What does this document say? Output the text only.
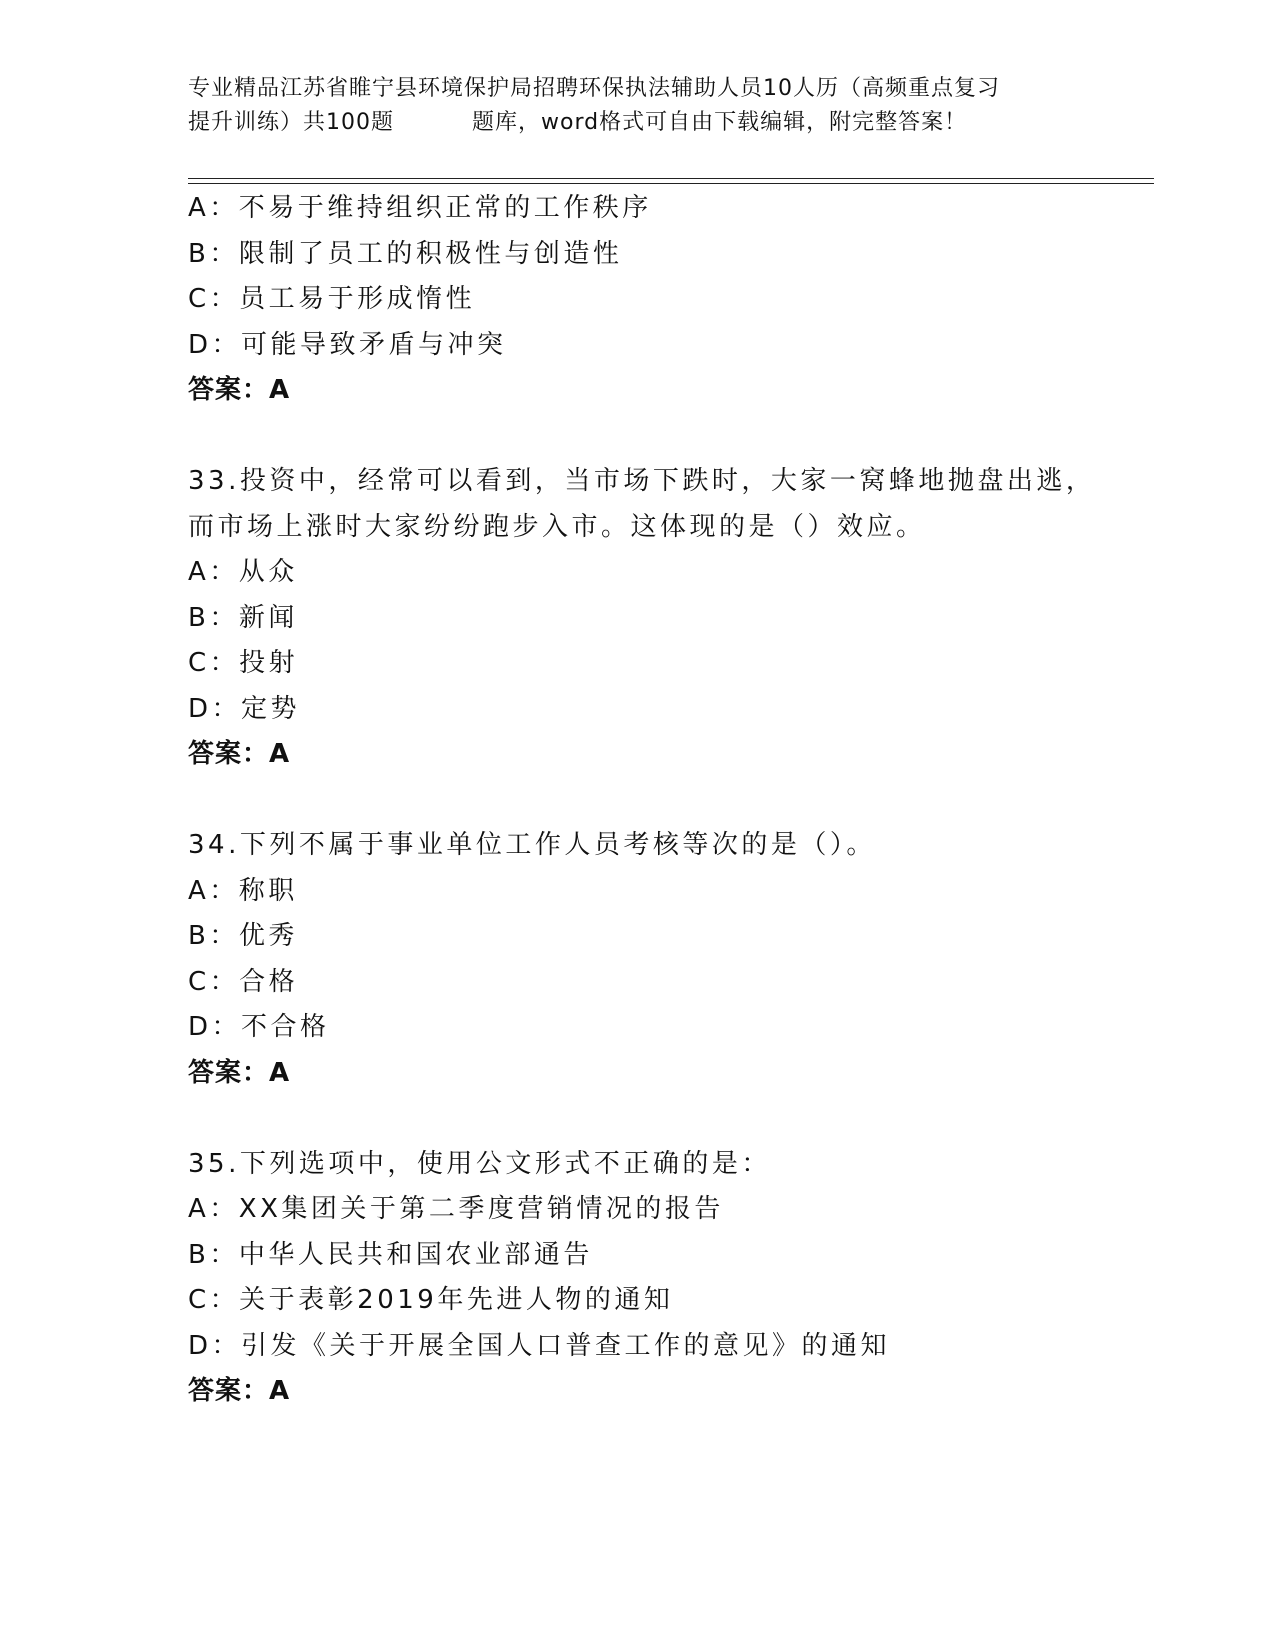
专业精品江苏省睢宁县环境保护局招聘环保执法辅助人员10人历（高频重点复习
提升训练）共100题	题库，word格式可自由下载编辑，附完整答案！
A：不易于维持组织正常的工作秩序
B：限制了员工的积极性与创造性
C：员工易于形成惰性
D：可能导致矛盾与冲突
答案：A
33.投资中，经常可以看到，当市场下跌时，大家一窝蜂地抛盘出逃，
而市场上涨时大家纷纷跑步入市。这体现的是（）效应。
A：从众
B：新闻
C：投射
D：定势
答案：A
34.下列不属于事业单位工作人员考核等次的是（）。
A：称职
B：优秀
C：合格
D：不合格
答案：A
35.下列选项中，使用公文形式不正确的是：
A：XX集团关于第二季度营销情况的报告
B：中华人民共和国农业部通告
C：关于表彰2019年先进人物的通知
D：引发《关于开展全国人口普查工作的意见》的通知
答案：A
